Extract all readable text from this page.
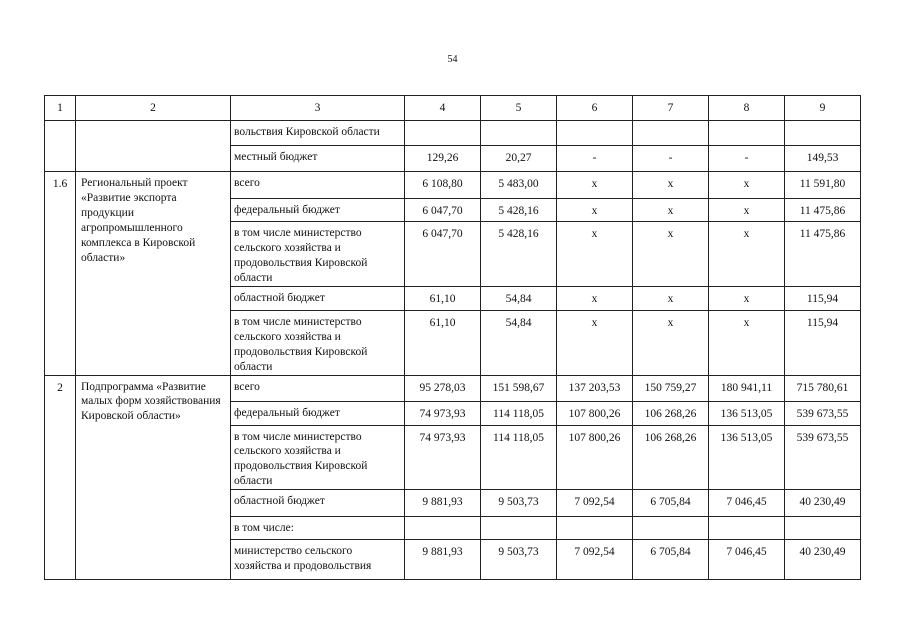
54
1	2	3	4	5	6	7	8	9
		вольствия Кировской области						
		местный бюджет	129,26	20,27	-	-	-	149,53
1.6	Региональный проект «Развитие экспорта продукции агропромышленного комплекса в Кировской области»	всего	6 108,80	5 483,00	x	x	x	11 591,80
		федеральный бюджет	6 047,70	5 428,16	x	x	x	11 475,86
		в том числе министерство сельского хозяйства и продовольствия Кировской области	6 047,70	5 428,16	x	x	x	11 475,86
		областной бюджет	61,10	54,84	x	x	x	115,94
		в том числе министерство сельского хозяйства и продовольствия Кировской области	61,10	54,84	x	x	x	115,94
2	Подпрограмма «Развитие малых форм хозяйствования Кировской области»	всего	95 278,03	151 598,67	137 203,53	150 759,27	180 941,11	715 780,61
		федеральный бюджет	74 973,93	114 118,05	107 800,26	106 268,26	136 513,05	539 673,55
		в том числе министерство сельского хозяйства и продовольствия Кировской области	74 973,93	114 118,05	107 800,26	106 268,26	136 513,05	539 673,55
		областной бюджет	9 881,93	9 503,73	7 092,54	6 705,84	7 046,45	40 230,49
		в том числе:						
		министерство сельского хозяйства и продовольствия	9 881,93	9 503,73	7 092,54	6 705,84	7 046,45	40 230,49
